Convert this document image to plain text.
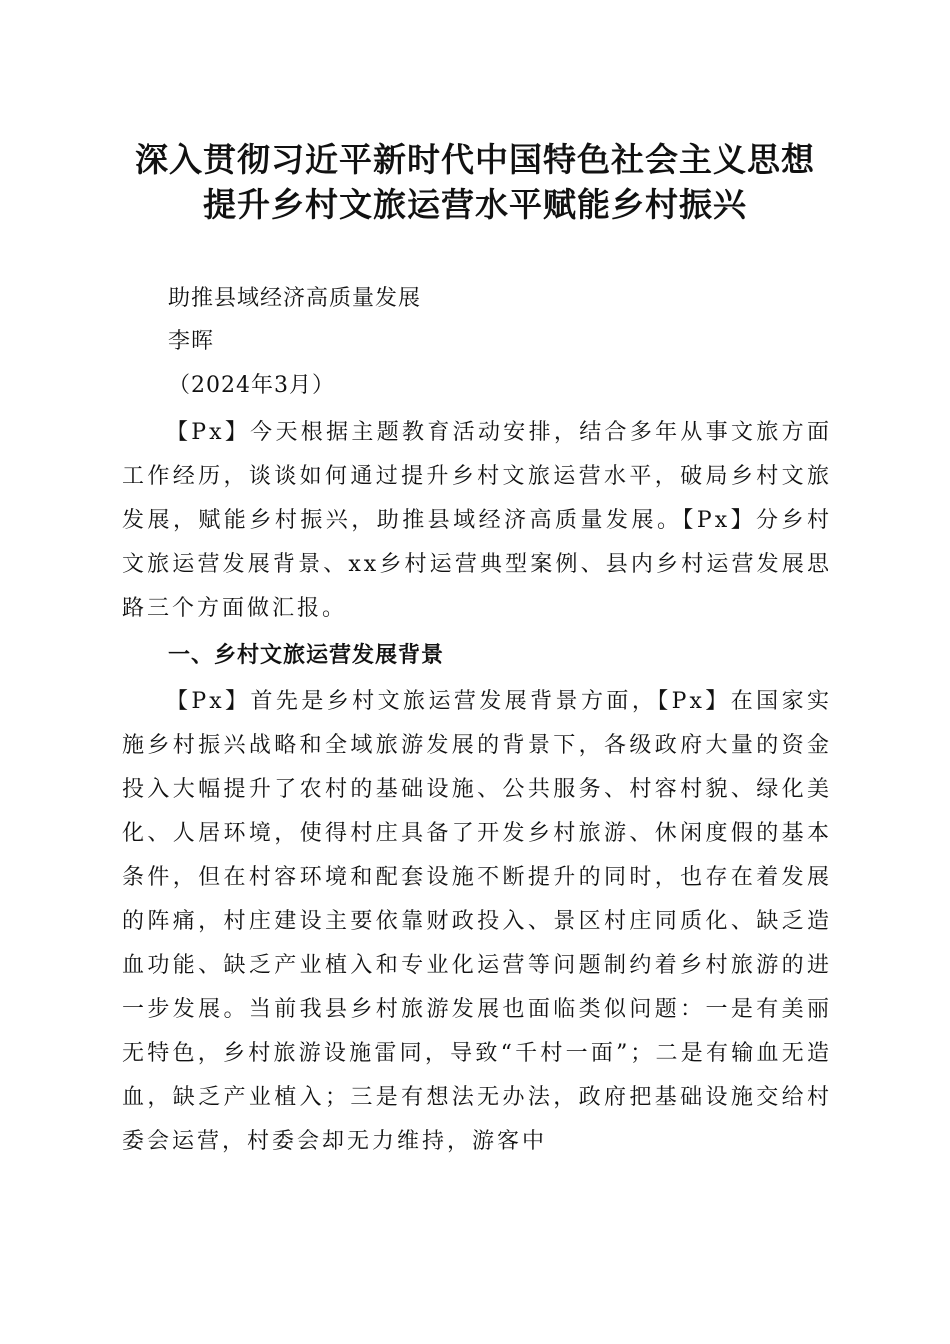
深入贯彻习近平新时代中国特色社会主义思想
提升乡村文旅运营水平赋能乡村振兴
助推县域经济高质量发展
李晖
（2024年3月）
【Px】今天根据主题教育活动安排，结合多年从事文旅方面工作经历，谈谈如何通过提升乡村文旅运营水平，破局乡村文旅发展，赋能乡村振兴，助推县域经济高质量发展。【Px】分乡村文旅运营发展背景、xx乡村运营典型案例、县内乡村运营发展思路三个方面做汇报。
一、乡村文旅运营发展背景
【Px】首先是乡村文旅运营发展背景方面，【Px】在国家实施乡村振兴战略和全域旅游发展的背景下，各级政府大量的资金投入大幅提升了农村的基础设施、公共服务、村容村貌、绿化美化、人居环境，使得村庄具备了开发乡村旅游、休闲度假的基本条件，但在村容环境和配套设施不断提升的同时，也存在着发展的阵痛，村庄建设主要依靠财政投入、景区村庄同质化、缺乏造血功能、缺乏产业植入和专业化运营等问题制约着乡村旅游的进一步发展。当前我县乡村旅游发展也面临类似问题：一是有美丽无特色，乡村旅游设施雷同，导致“千村一面”；二是有输血无造血，缺乏产业植入；三是有想法无办法，政府把基础设施交给村委会运营，村委会却无力维持，游客中
